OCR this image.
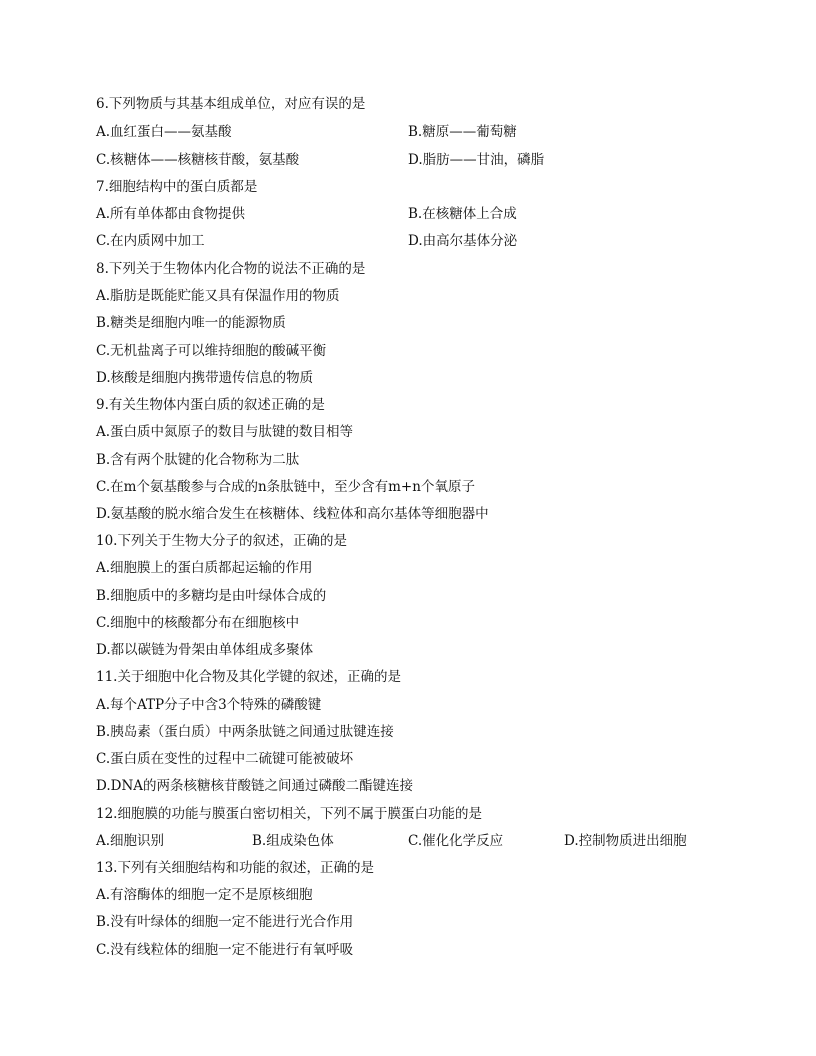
6.下列物质与其基本组成单位，对应有误的是
A.血红蛋白——氨基酸	B.糖原——葡萄糖
C.核糖体——核糖核苷酸，氨基酸	D.脂肪——甘油，磷脂
7.细胞结构中的蛋白质都是
A.所有单体都由食物提供	B.在核糖体上合成
C.在内质网中加工	D.由高尔基体分泌
8.下列关于生物体内化合物的说法不正确的是
A.脂肪是既能贮能又具有保温作用的物质
B.糖类是细胞内唯一的能源物质
C.无机盐离子可以维持细胞的酸碱平衡
D.核酸是细胞内携带遗传信息的物质
9.有关生物体内蛋白质的叙述正确的是
A.蛋白质中氮原子的数目与肽键的数目相等
B.含有两个肽键的化合物称为二肽
C.在m个氨基酸参与合成的n条肽链中，至少含有m+n个氧原子
D.氨基酸的脱水缩合发生在核糖体、线粒体和高尔基体等细胞器中
10.下列关于生物大分子的叙述，正确的是
A.细胞膜上的蛋白质都起运输的作用
B.细胞质中的多糖均是由叶绿体合成的
C.细胞中的核酸都分布在细胞核中
D.都以碳链为骨架由单体组成多聚体
11.关于细胞中化合物及其化学键的叙述，正确的是
A.每个ATP分子中含3个特殊的磷酸键
B.胰岛素（蛋白质）中两条肽链之间通过肽键连接
C.蛋白质在变性的过程中二硫键可能被破坏
D.DNA的两条核糖核苷酸链之间通过磷酸二酯键连接
12.细胞膜的功能与膜蛋白密切相关，下列不属于膜蛋白功能的是
A.细胞识别	B.组成染色体	C.催化化学反应	D.控制物质进出细胞
13.下列有关细胞结构和功能的叙述，正确的是
A.有溶酶体的细胞一定不是原核细胞
B.没有叶绿体的细胞一定不能进行光合作用
C.没有线粒体的细胞一定不能进行有氧呼吸
